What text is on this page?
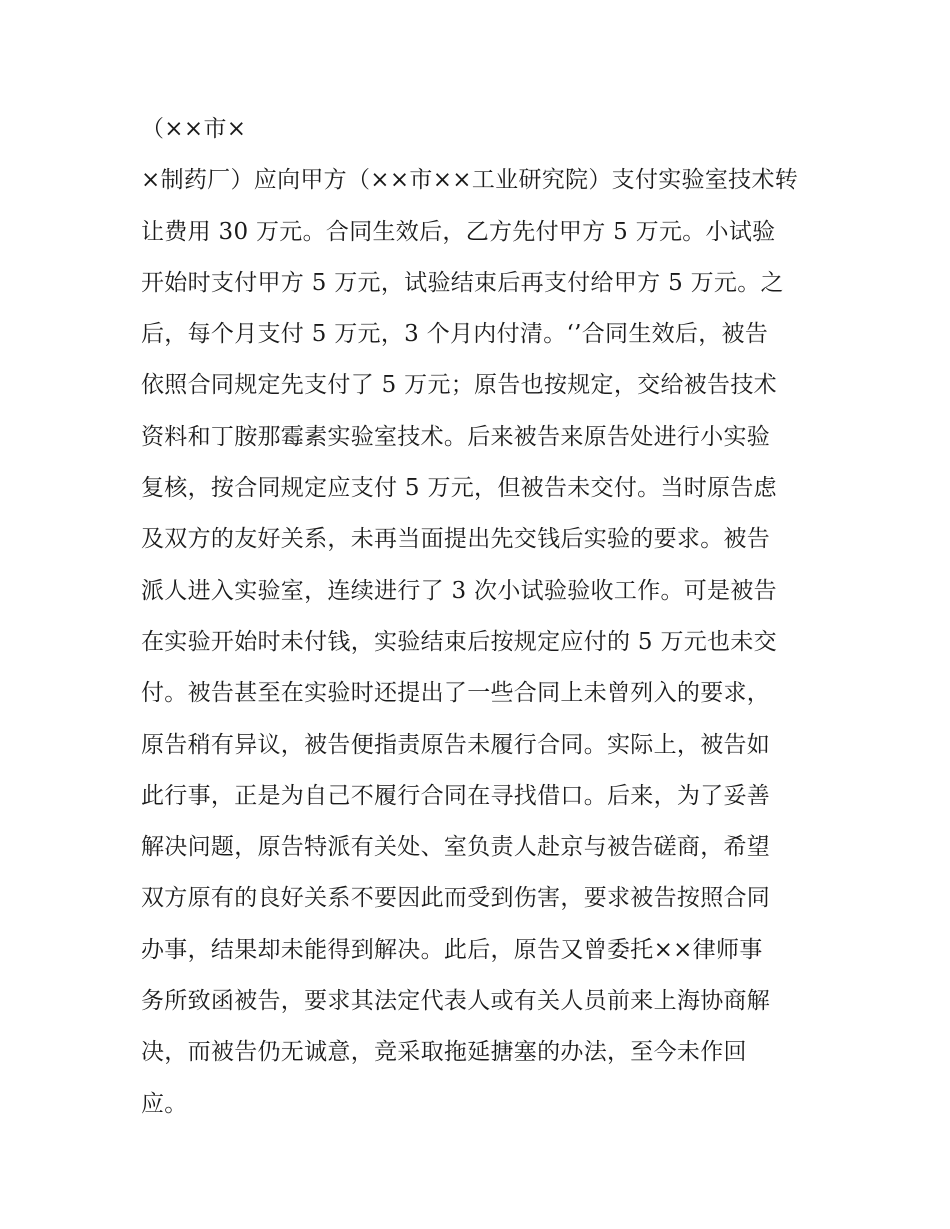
（××市×
×制药厂）应向甲方（××市××工业研究院）支付实验室技术转
让费用 30 万元。合同生效后，乙方先付甲方 5 万元。小试验
开始时支付甲方 5 万元，试验结束后再支付给甲方 5 万元。之
后，每个月支付 5 万元，3 个月内付清。‘’合同生效后，被告
依照合同规定先支付了 5 万元；原告也按规定，交给被告技术
资料和丁胺那霉素实验室技术。后来被告来原告处进行小实验
复核，按合同规定应支付 5 万元，但被告未交付。当时原告虑
及双方的友好关系，未再当面提出先交钱后实验的要求。被告
派人进入实验室，连续进行了 3 次小试验验收工作。可是被告
在实验开始时未付钱，实验结束后按规定应付的 5 万元也未交
付。被告甚至在实验时还提出了一些合同上未曾列入的要求，
原告稍有异议，被告便指责原告未履行合同。实际上，被告如
此行事，正是为自己不履行合同在寻找借口。后来，为了妥善
解决问题，原告特派有关处、室负责人赴京与被告磋商，希望
双方原有的良好关系不要因此而受到伤害，要求被告按照合同
办事，结果却未能得到解决。此后，原告又曾委托××律师事
务所致函被告，要求其法定代表人或有关人员前来上海协商解
决，而被告仍无诚意，竞采取拖延搪塞的办法，至今未作回
应。
